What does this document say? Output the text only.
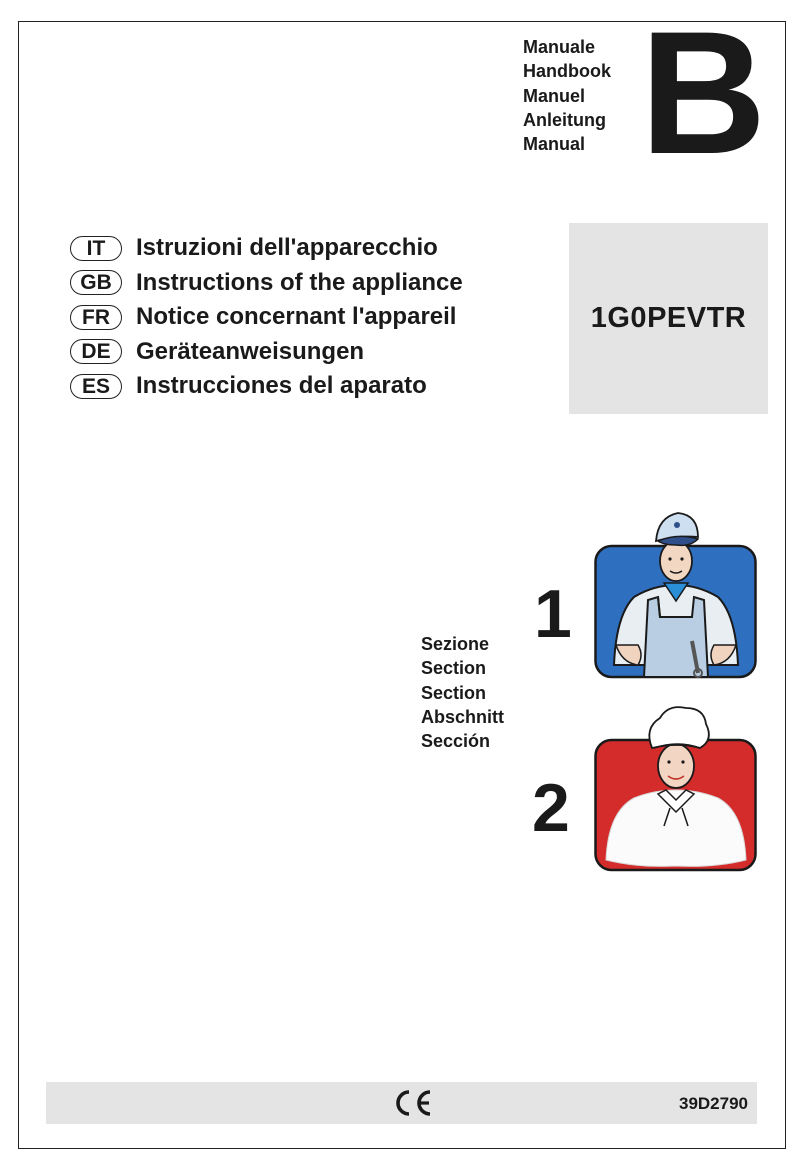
Manuale
Handbook
Manuel
Anleitung
Manual B
IT	Istruzioni dell'apparecchio
GB	Instructions of the appliance
FR	Notice concernant l'appareil
DE	Geräteanweisungen
ES	Instrucciones del aparato
1G0PEVTR
Sezione
Section
Section
Abschnitt
Sección
1
2
39D2790
